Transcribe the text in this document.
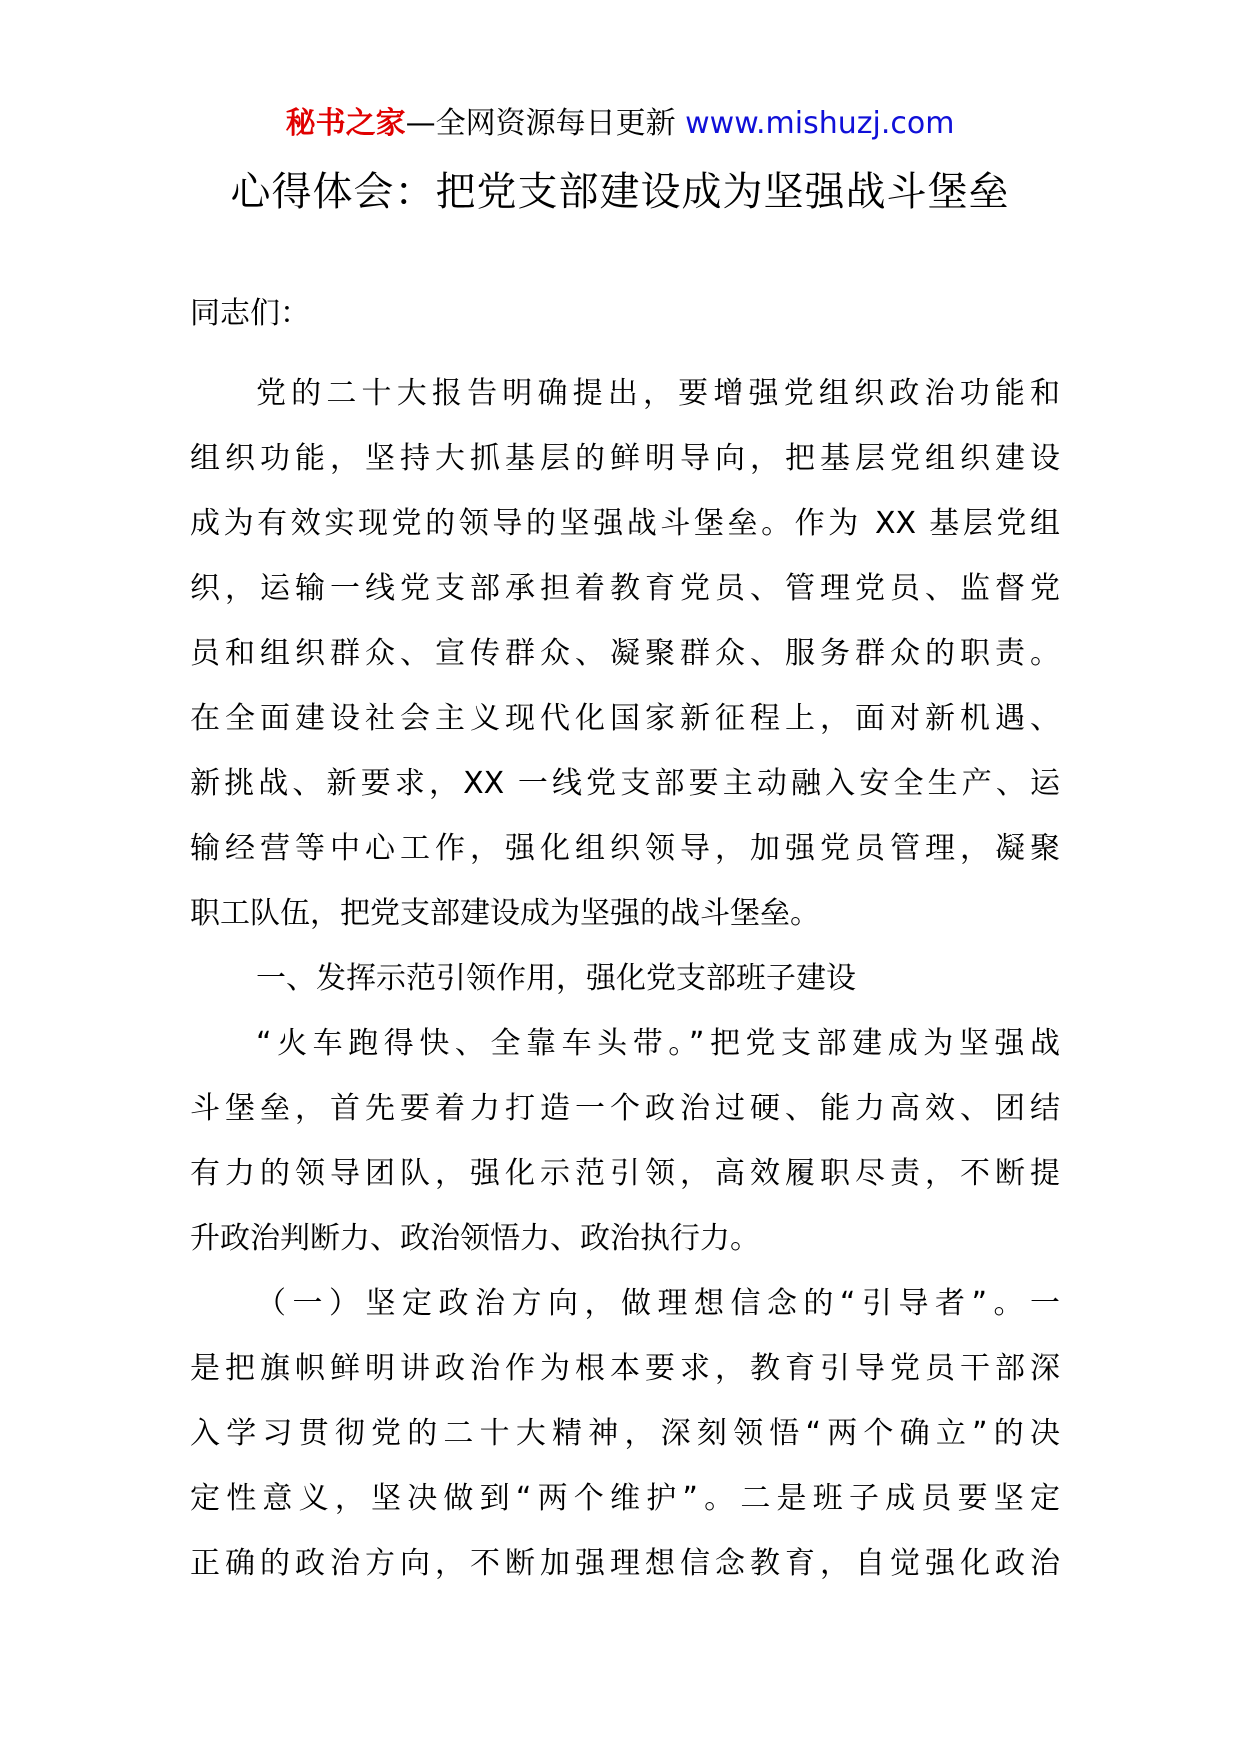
秘书之家—全网资源每日更新 www.mishuzj.com
心得体会：把党支部建设成为坚强战斗堡垒
同志们：
党的二十大报告明确提出，要增强党组织政治功能和
组织功能，坚持大抓基层的鲜明导向，把基层党组织建设
成为有效实现党的领导的坚强战斗堡垒。作为 XX 基层党组
织，运输一线党支部承担着教育党员、管理党员、监督党
员和组织群众、宣传群众、凝聚群众、服务群众的职责。
在全面建设社会主义现代化国家新征程上，面对新机遇、
新挑战、新要求，XX 一线党支部要主动融入安全生产、运
输经营等中心工作，强化组织领导，加强党员管理，凝聚
职工队伍，把党支部建设成为坚强的战斗堡垒。
一、发挥示范引领作用，强化党支部班子建设
“火车跑得快、全靠车头带。”把党支部建成为坚强战
斗堡垒，首先要着力打造一个政治过硬、能力高效、团结
有力的领导团队，强化示范引领，高效履职尽责，不断提
升政治判断力、政治领悟力、政治执行力。
（一）坚定政治方向，做理想信念的“引导者”。一
是把旗帜鲜明讲政治作为根本要求，教育引导党员干部深
入学习贯彻党的二十大精神，深刻领悟“两个确立”的决
定性意义，坚决做到“两个维护”。二是班子成员要坚定
正确的政治方向，不断加强理想信念教育，自觉强化政治
